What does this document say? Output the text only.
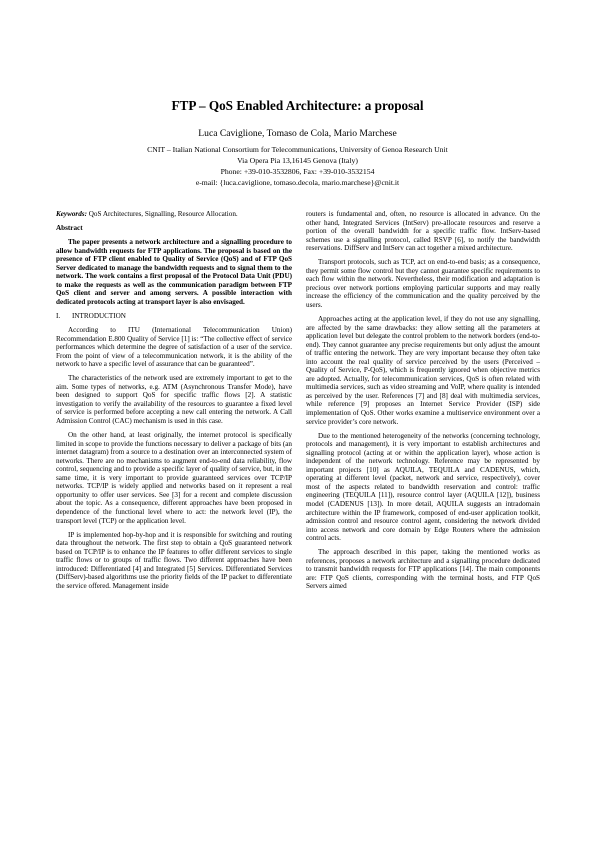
FTP – QoS Enabled Architecture: a proposal
Luca Caviglione, Tomaso de Cola, Mario Marchese
CNIT – Italian National Consortium for Telecommunications, University of Genoa Research Unit
Via Opera Pia 13,16145 Genova (Italy)
Phone: +39-010-3532806, Fax: +39-010-3532154
e-mail: {luca.caviglione, tomaso.decola, mario.marchese}@cnit.it

Keywords: QoS Architectures, Signalling, Resource Allocation.

Abstract

The paper presents a network architecture and a signalling procedure to allow bandwidth requests for FTP applications. The proposal is based on the presence of FTP client enabled to Quality of Service (QoS) and of FTP QoS Server dedicated to manage the bandwidth requests and to signal them to the network. The work contains a first proposal of the Protocol Data Unit (PDU) to make the requests as well as the communication paradigm between FTP QoS client and server and among servers. A possible interaction with dedicated protocols acting at transport layer is also envisaged.

I. INTRODUCTION

According to ITU (International Telecommunication Union) Recommendation E.800 Quality of Service [1] is: “The collective effect of service performances which determine the degree of satisfaction of a user of the service. From the point of view of a telecommunication network, it is the ability of the network to have a specific level of assurance that can be guaranteed”.

The characteristics of the network used are extremely important to get to the aim. Some types of networks, e.g. ATM (Asynchronous Transfer Mode), have been designed to support QoS for specific traffic flows [2]. A statistic investigation to verify the availability of the resources to guarantee a fixed level of service is performed before accepting a new call entering the network. A Call Admission Control (CAC) mechanism is used in this case.

On the other hand, at least originally, the internet protocol is specifically limited in scope to provide the functions necessary to deliver a package of bits (an internet datagram) from a source to a destination over an interconnected system of networks. There are no mechanisms to augment end-to-end data reliability, flow control, sequencing and to provide a specific layer of quality of service, but, in the same time, it is very important to provide guaranteed services over TCP/IP networks. TCP/IP is widely applied and networks based on it represent a real opportunity to offer user services. See [3] for a recent and complete discussion about the topic. As a consequence, different approaches have been proposed in dependence of the functional level where to act: the network level (IP), the transport level (TCP) or the application level.

IP is implemented hop-by-hop and it is responsible for switching and routing data throughout the network. The first step to obtain a QoS guaranteed network based on TCP/IP is to enhance the IP features to offer different services to single traffic flows or to groups of traffic flows. Two different approaches have been introduced: Differentiated [4] and Integrated [5] Services. Differentiated Services (DiffServ)-based algorithms use the priority fields of the IP packet to differentiate the service offered. Management inside

routers is fundamental and, often, no resource is allocated in advance. On the other hand, Integrated Services (IntServ) pre-allocate resources and reserve a portion of the overall bandwidth for a specific traffic flow. IntServ-based schemes use a signalling protocol, called RSVP [6], to notify the bandwidth reservations. DiffServ and IntServ can act together a mixed architecture.

Transport protocols, such as TCP, act on end-to-end basis; as a consequence, they permit some flow control but they cannot guarantee specific requirements to each flow within the network. Nevertheless, their modification and adaptation is precious over network portions employing particular supports and may really increase the efficiency of the communication and the quality perceived by the users.

Approaches acting at the application level, if they do not use any signalling, are affected by the same drawbacks: they allow setting all the parameters at application level but delegate the control problem to the network borders (end-to-end). They cannot guarantee any precise requirements but only adjust the amount of traffic entering the network. They are very important because they often take into account the real quality of service perceived by the users (Perceived – Quality of Service, P-QoS), which is frequently ignored when objective metrics are adopted. Actually, for telecommunication services, QoS is often related with multimedia services, such as video streaming and VoIP, where quality is intended as perceived by the user. References [7] and [8] deal with multimedia services, while reference [9] proposes an Internet Service Provider (ISP) side implementation of QoS. Other works examine a multiservice environment over a service provider’s core network.

Due to the mentioned heterogeneity of the networks (concerning technology, protocols and management), it is very important to establish architectures and signalling protocol (acting at or within the application layer), whose action is independent of the network technology. Reference may be represented by important projects [10] as AQUILA, TEQUILA and CADENUS, which, operating at different level (packet, network and service, respectively), cover most of the aspects related to bandwidth reservation and control: traffic engineering (TEQUILA [11]), resource control layer (AQUILA [12]), business model (CADENUS [13]). In more detail, AQUILA suggests an intradomain architecture within the IP framework, composed of end-user application toolkit, admission control and resource control agent, considering the network divided into access network and core domain by Edge Routers where the admission control acts.

The approach described in this paper, taking the mentioned works as references, proposes a network architecture and a signalling procedure dedicated to transmit bandwidth requests for FTP applications [14]. The main components are: FTP QoS clients, corresponding with the terminal hosts, and FTP QoS Servers aimed
